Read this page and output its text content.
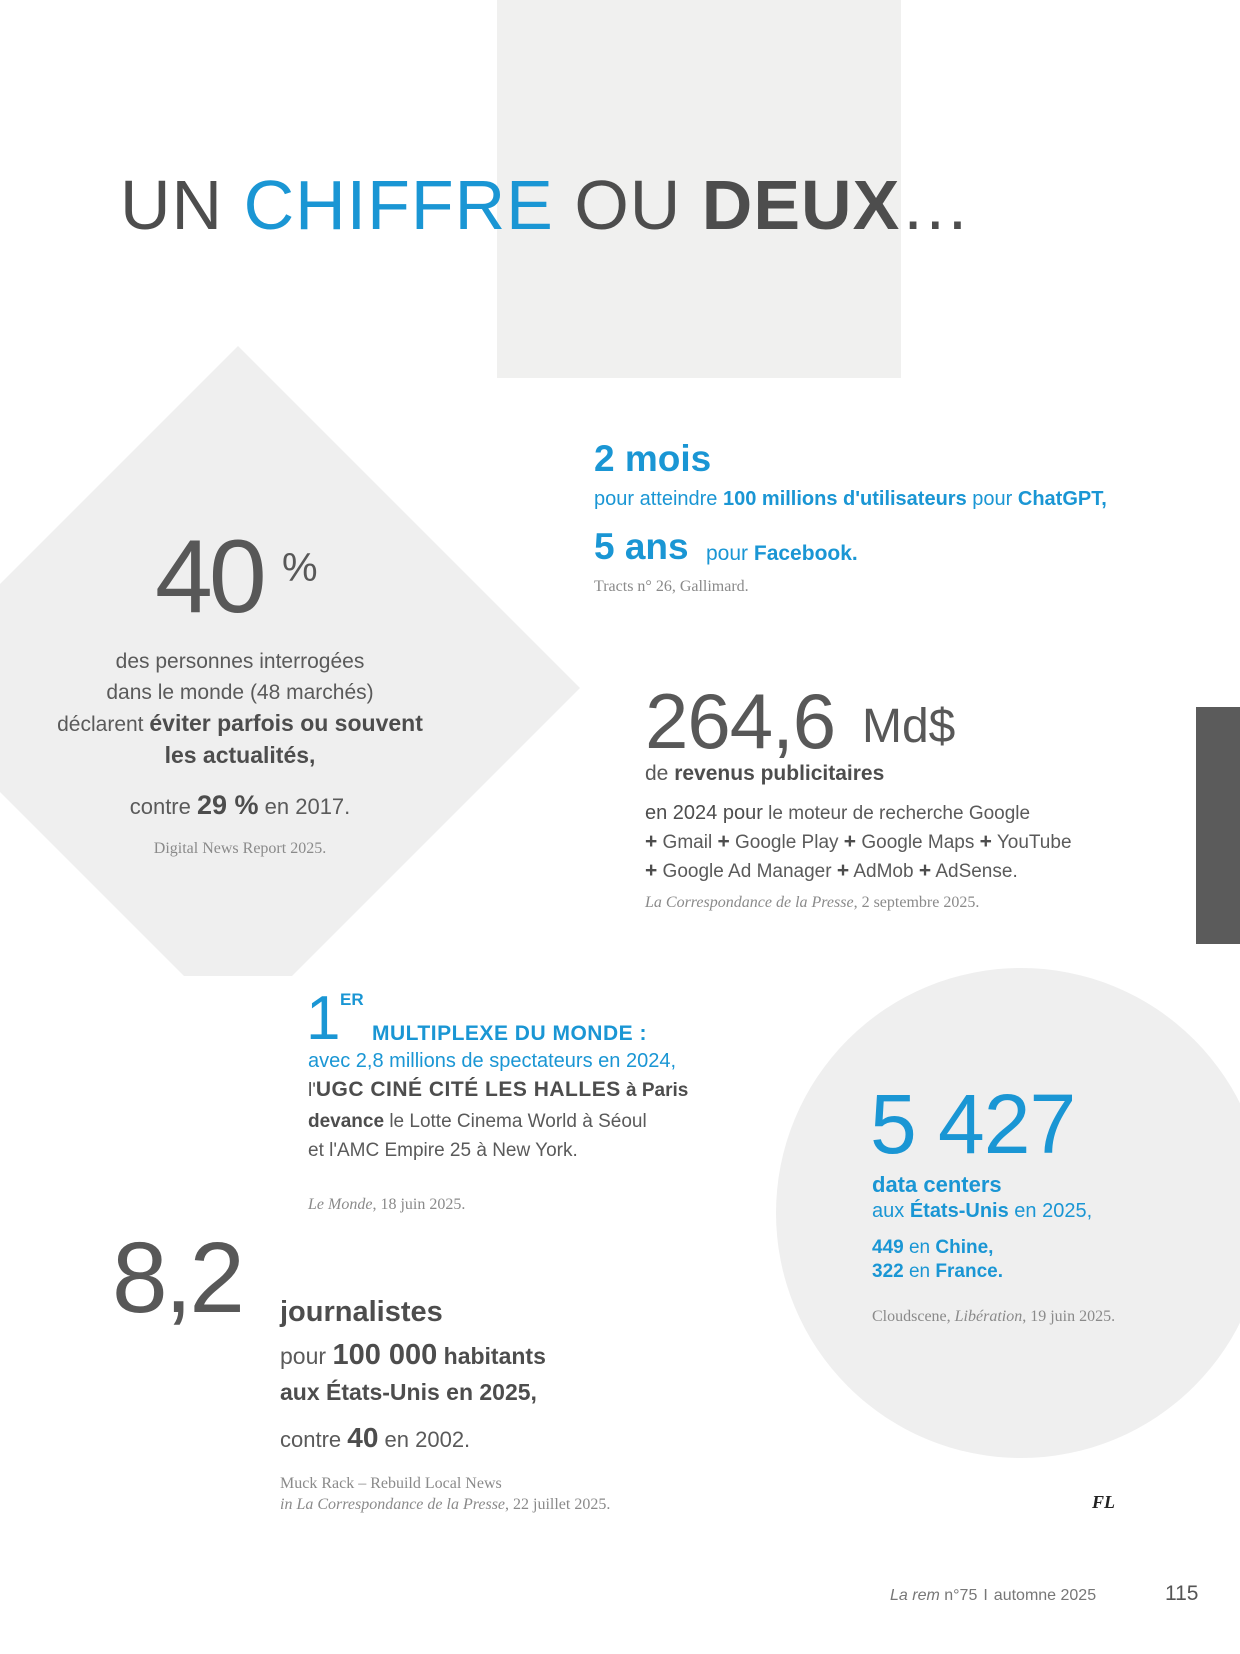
UN CHIFFRE OU DEUX…
40 %
des personnes interrogées
dans le monde (48 marchés)
déclarent éviter parfois ou souvent
les actualités,
contre 29 % en 2017.
Digital News Report 2025.
2 mois
pour atteindre 100 millions d'utilisateurs pour ChatGPT,
5 ans pour Facebook.
Tracts n° 26, Gallimard.
264,6 Md$
de revenus publicitaires
en 2024 pour le moteur de recherche Google
+ Gmail + Google Play + Google Maps + YouTube
+ Google Ad Manager + AdMob + AdSense.
La Correspondance de la Presse, 2 septembre 2025.
1 ER
MULTIPLEXE DU MONDE :
avec 2,8 millions de spectateurs en 2024,
l'UGC CINÉ CITÉ LES HALLES à Paris
devance le Lotte Cinema World à Séoul
et l'AMC Empire 25 à New York.
Le Monde, 18 juin 2025.
8,2 journalistes
pour 100 000 habitants
aux États-Unis en 2025,
contre 40 en 2002.
Muck Rack – Rebuild Local News
in La Correspondance de la Presse, 22 juillet 2025.
5 427
data centers
aux États-Unis en 2025,
449 en Chine,
322 en France.
Cloudscene, Libération, 19 juin 2025.
FL
La rem n°75 I automne 2025	115
